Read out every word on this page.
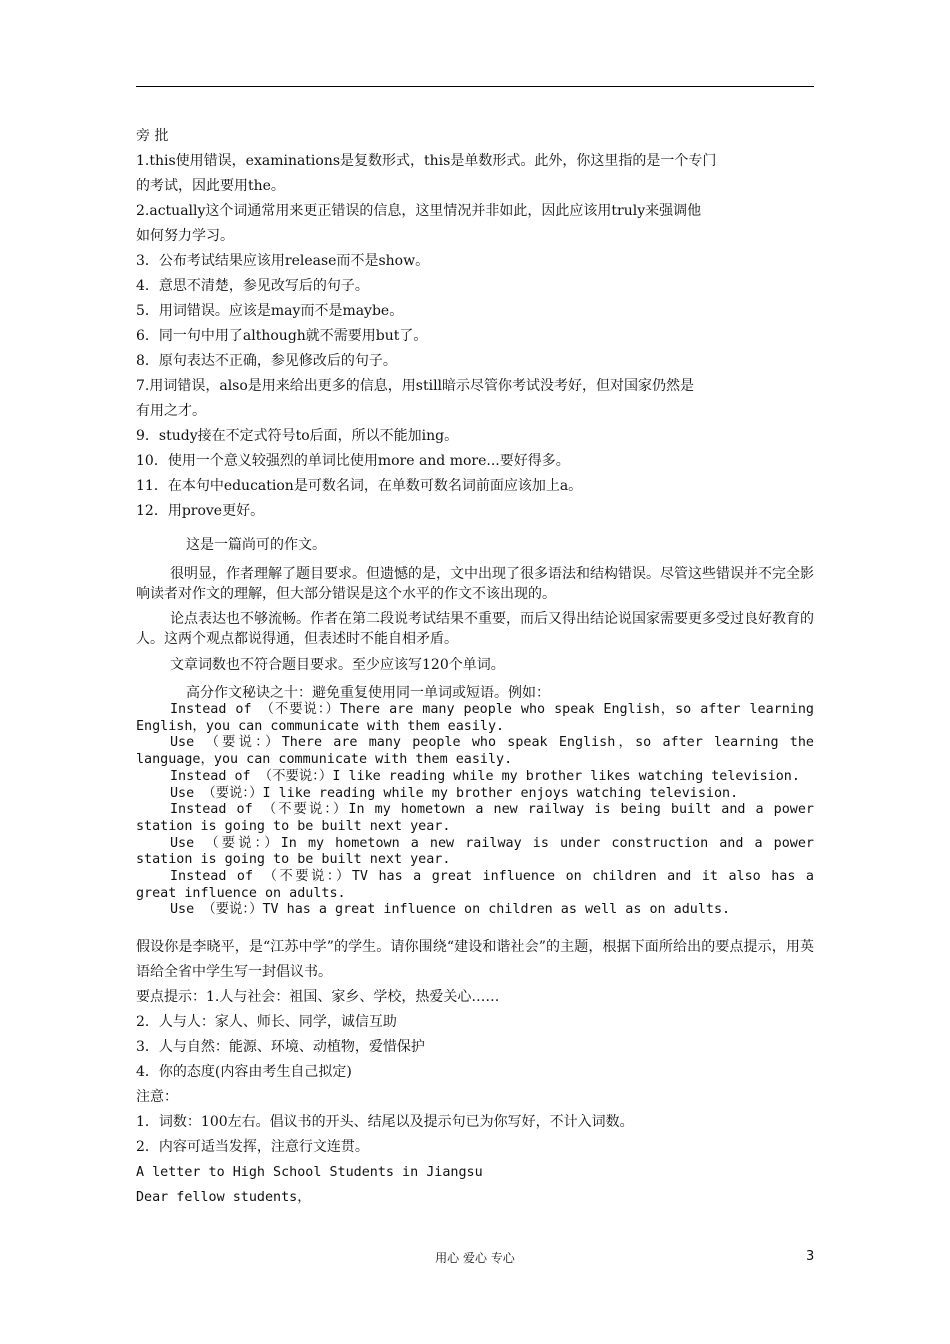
旁 批
1.this使用错误，examinations是复数形式，this是单数形式。此外，你这里指的是一个专门
的考试，因此要用the。
2.actually这个词通常用来更正错误的信息，这里情况并非如此，因此应该用truly来强调他
如何努力学习。
3．公布考试结果应该用release而不是show。
4．意思不清楚，参见改写后的句子。
5．用词错误。应该是may而不是maybe。
6．同一句中用了although就不需要用but了。
8．原句表达不正确，参见修改后的句子。
7.用词错误，also是用来给出更多的信息，用still暗示尽管你考试没考好，但对国家仍然是
有用之才。
9．study接在不定式符号to后面，所以不能加ing。
10．使用一个意义较强烈的单词比使用more and more...要好得多。
11．在本句中education是可数名词，在单数可数名词前面应该加上a。
12．用prove更好。
这是一篇尚可的作文。
很明显，作者理解了题目要求。但遗憾的是，文中出现了很多语法和结构错误。尽管这些错误并不完全影响读者对作文的理解，但大部分错误是这个水平的作文不该出现的。
论点表达也不够流畅。作者在第二段说考试结果不重要，而后又得出结论说国家需要更多受过良好教育的人。这两个观点都说得通，但表述时不能自相矛盾。
文章词数也不符合题目要求。至少应该写120个单词。
高分作文秘诀之十：避免重复使用同一单词或短语。例如：
Instead of （不要说：）There are many people who speak English，so after learning English，you can communicate with them easily.
Use （要说：）There are many people who speak English，so after learning the language，you can communicate with them easily.
Instead of （不要说：）I like reading while my brother likes watching television.
Use （要说：）I like reading while my brother enjoys watching television.
Instead of （不要说：）In my hometown a new railway is being built and a power station is going to be built next year.
Use （要说：）In my hometown a new railway is under construction and a power station is going to be built next year.
Instead of （不要说：）TV has a great influence on children and it also has a great influence on adults.
Use （要说：）TV has a great influence on children as well as on adults.
假设你是李晓平，是“江苏中学”的学生。请你围绕“建设和谐社会”的主题，根据下面所给出的要点提示，用英语给全省中学生写一封倡议书。
要点提示：1.人与社会：祖国、家乡、学校，热爱关心……
2．人与人：家人、师长、同学，诚信互助
3．人与自然：能源、环境、动植物，爱惜保护
4．你的态度(内容由考生自己拟定)
注意：
1．词数：100左右。倡议书的开头、结尾以及提示句已为你写好，不计入词数。
2．内容可适当发挥，注意行文连贯。
A letter to High School Students in Jiangsu
Dear fellow students，
用心 爱心 专心	3
